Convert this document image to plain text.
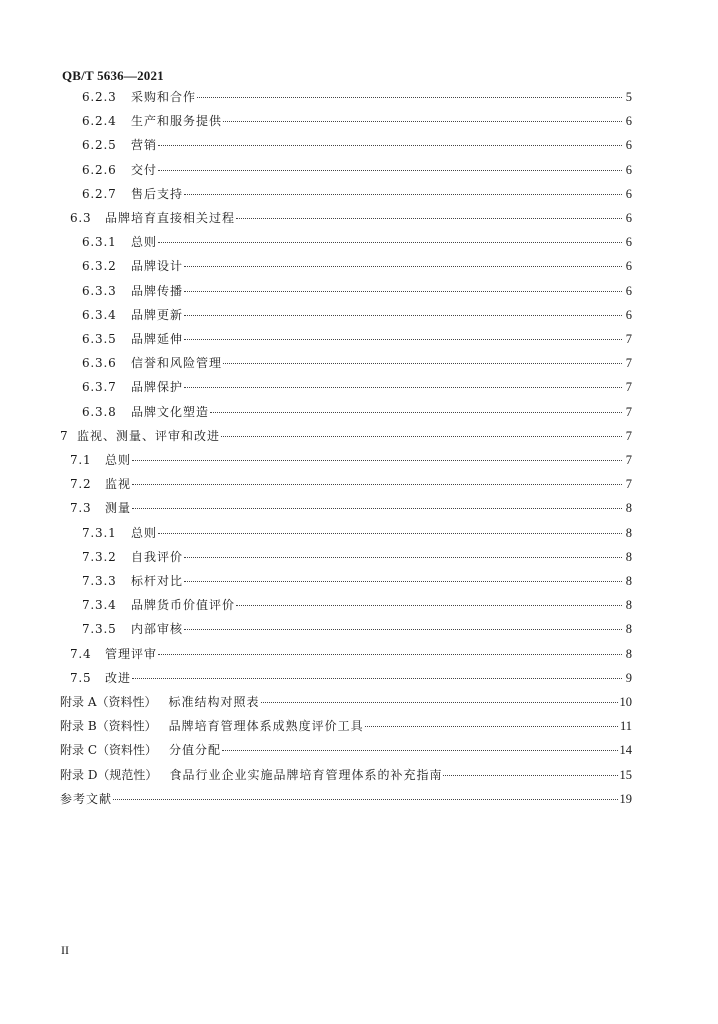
QB/T 5636—2021
6.2.3	采购和合作	5
6.2.4	生产和服务提供	6
6.2.5	营销	6
6.2.6	交付	6
6.2.7	售后支持	6
6.3	品牌培育直接相关过程	6
6.3.1	总则	6
6.3.2	品牌设计	6
6.3.3	品牌传播	6
6.3.4	品牌更新	6
6.3.5	品牌延伸	7
6.3.6	信誉和风险管理	7
6.3.7	品牌保护	7
6.3.8	品牌文化塑造	7
7 监视、测量、评审和改进	7
7.1	总则	7
7.2	监视	7
7.3	测量	8
7.3.1	总则	8
7.3.2	自我评价	8
7.3.3	标杆对比	8
7.3.4	品牌货币价值评价	8
7.3.5	内部审核	8
7.4	管理评审	8
7.5	改进	9
附录 A（资料性） 标准结构对照表	10
附录 B（资料性） 品牌培育管理体系成熟度评价工具	11
附录 C（资料性） 分值分配	14
附录 D（规范性） 食品行业企业实施品牌培育管理体系的补充指南	15
参考文献	19
II
